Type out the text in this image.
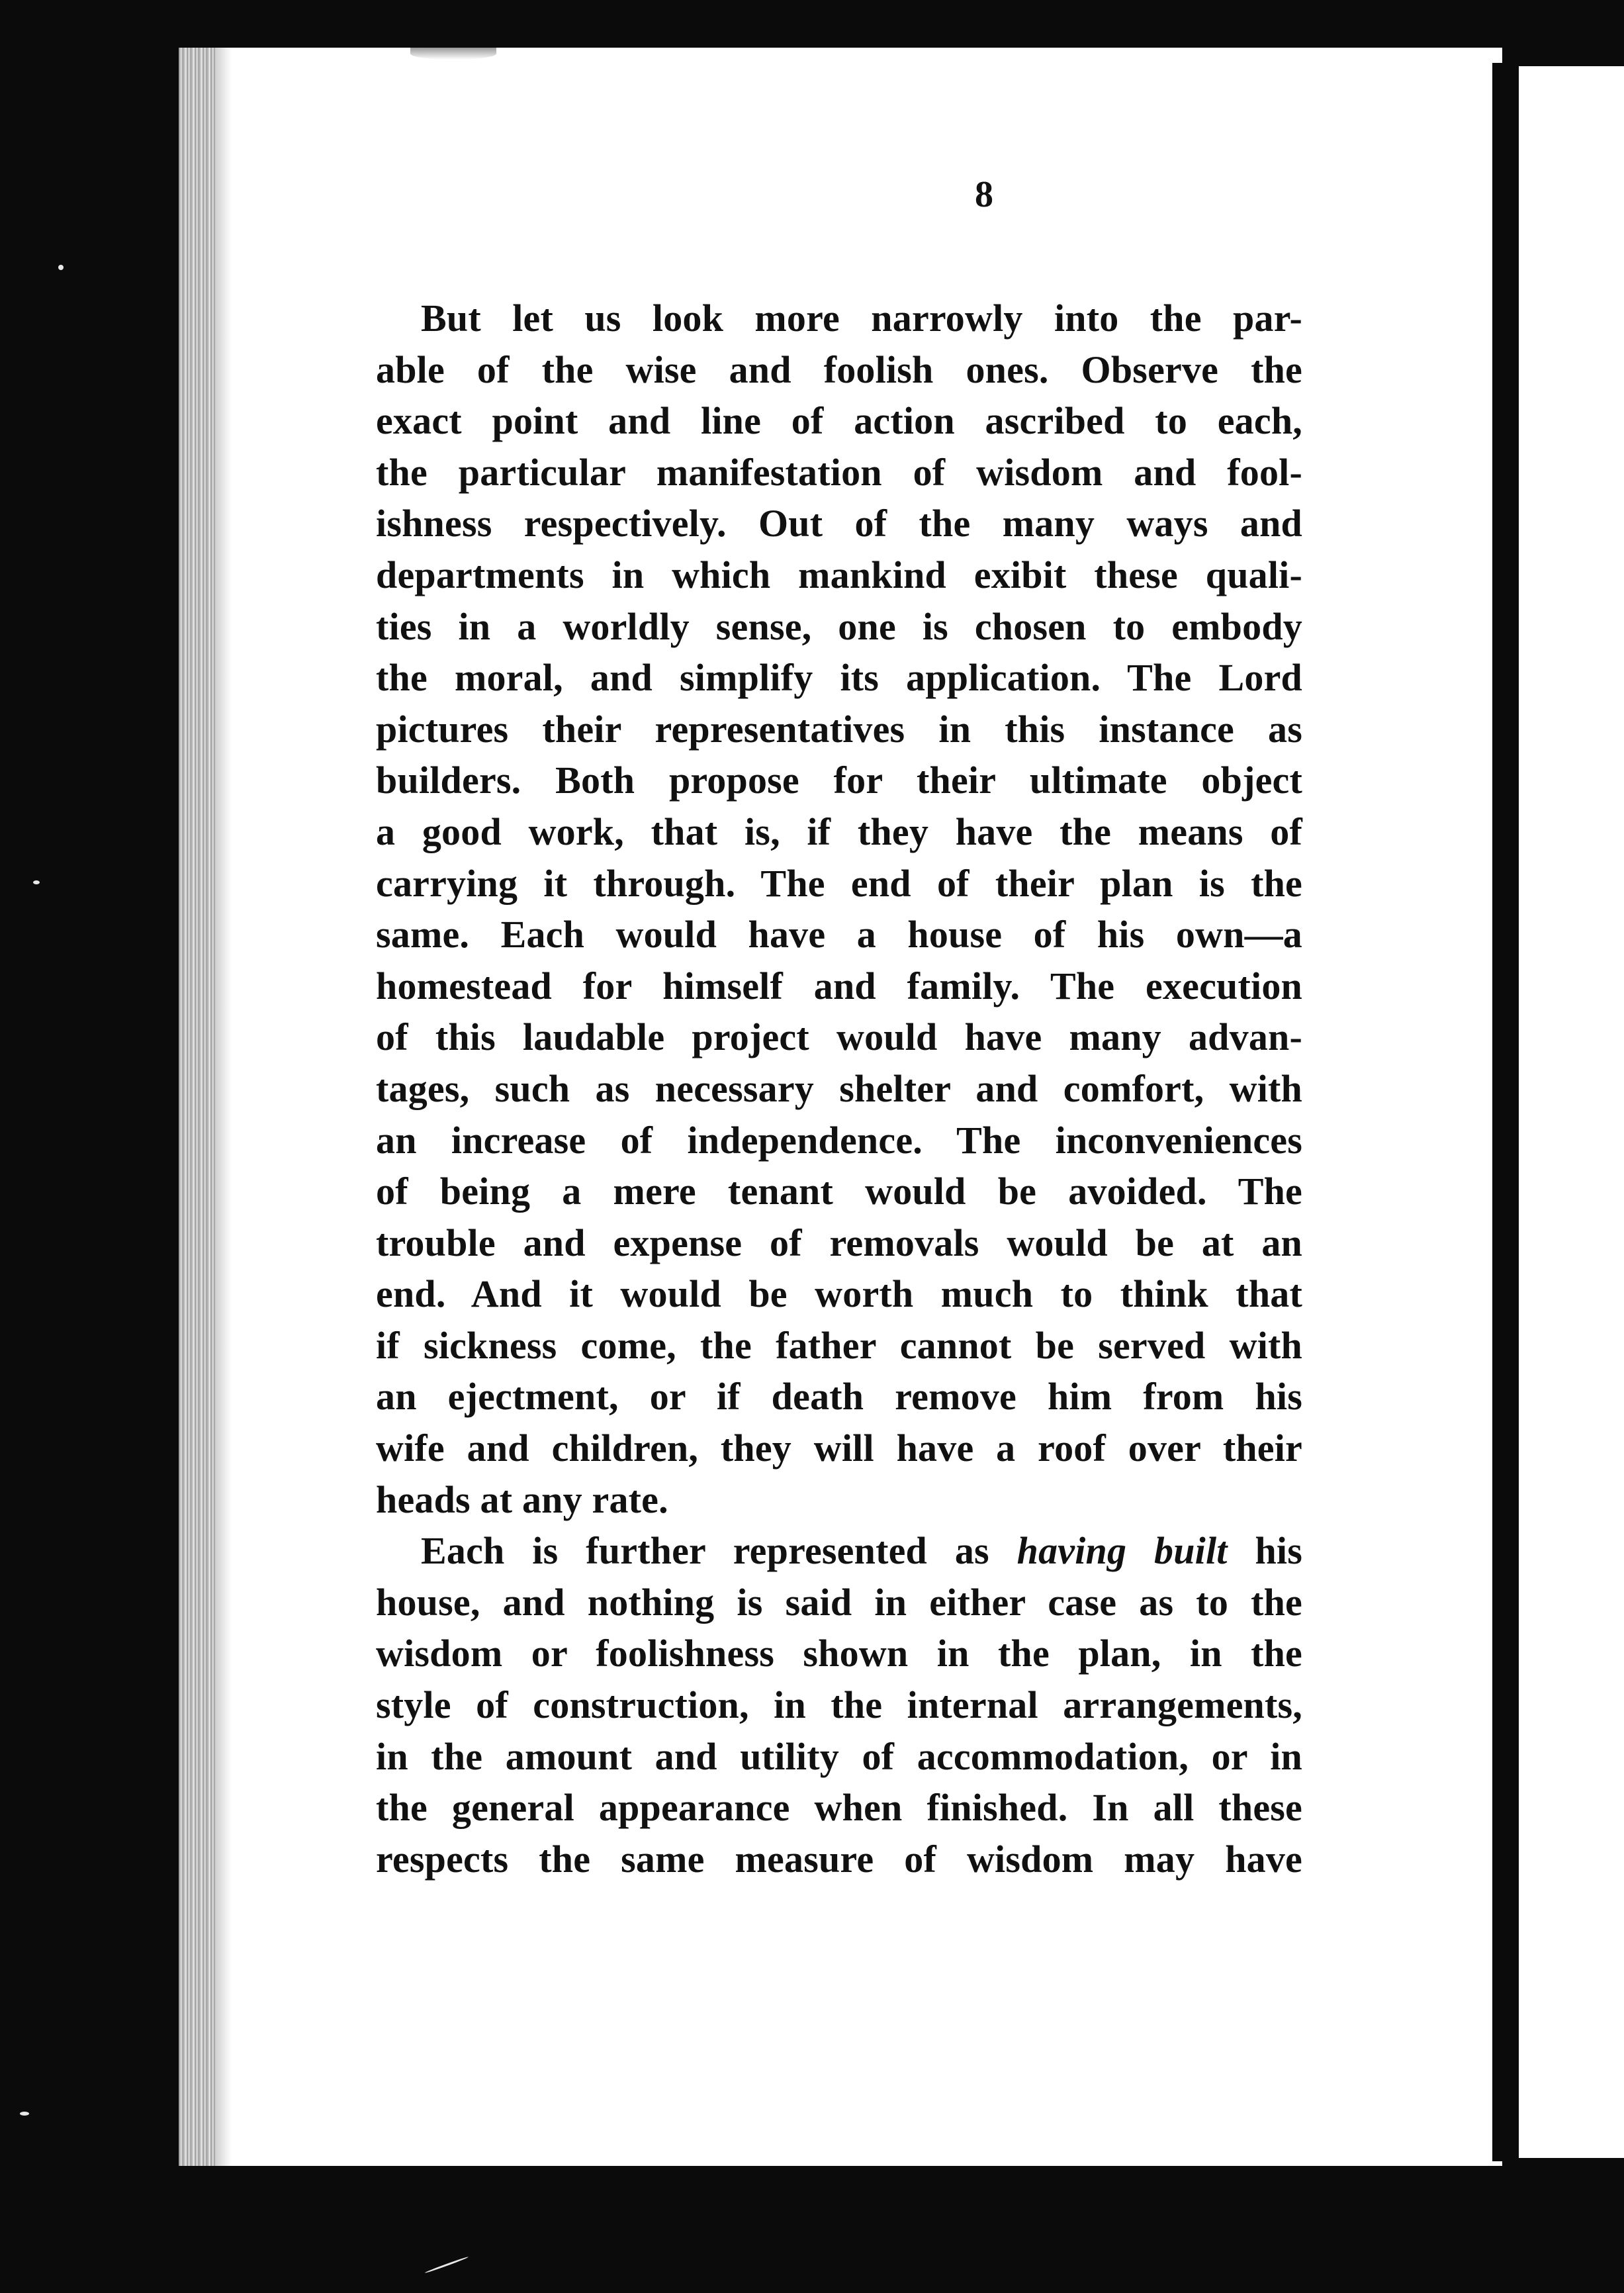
8
But let us look more narrowly into the par-
able of the wise and foolish ones. Observe the
exact point and line of action ascribed to each,
the particular manifestation of wisdom and fool-
ishness respectively. Out of the many ways and
departments in which mankind exibit these quali-
ties in a worldly sense, one is chosen to embody
the moral, and simplify its application. The Lord
pictures their representatives in this instance as
builders. Both propose for their ultimate object
a good work, that is, if they have the means of
carrying it through. The end of their plan is the
same. Each would have a house of his own—a
homestead for himself and family. The execution
of this laudable project would have many advan-
tages, such as necessary shelter and comfort, with
an increase of independence. The inconveniences
of being a mere tenant would be avoided. The
trouble and expense of removals would be at an
end. And it would be worth much to think that
if sickness come, the father cannot be served with
an ejectment, or if death remove him from his
wife and children, they will have a roof over their
heads at any rate.
Each is further represented as having built his
house, and nothing is said in either case as to the
wisdom or foolishness shown in the plan, in the
style of construction, in the internal arrangements,
in the amount and utility of accommodation, or in
the general appearance when finished. In all these
respects the same measure of wisdom may have
